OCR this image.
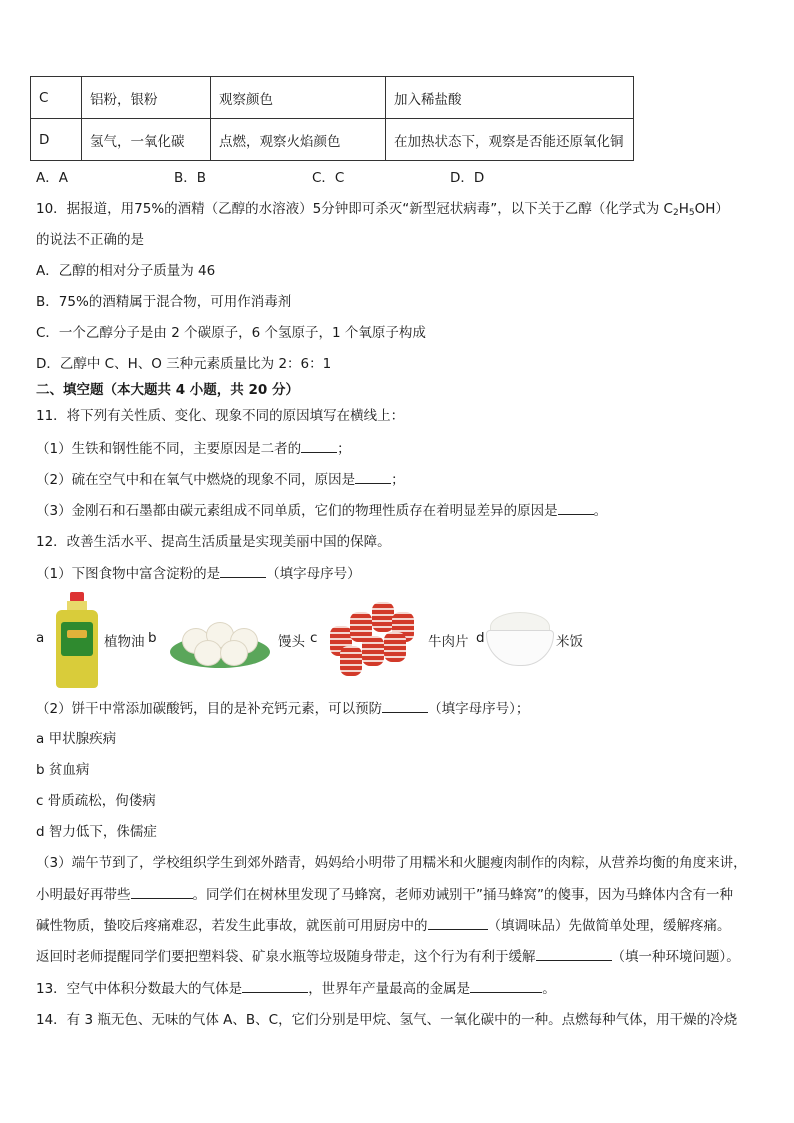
C	铝粉，银粉	观察颜色	加入稀盐酸
D	氢气，一氧化碳	点燃，观察火焰颜色	在加热状态下，观察是否能还原氧化铜
A．A	B．B	C．C	D．D
10．据报道，用75%的酒精（乙醇的水溶液）5分钟即可杀灭“新型冠状病毒”，以下关于乙醇（化学式为 $C_2H_5OH$）
的说法不正确的是
A．乙醇的相对分子质量为 46
B．75%的酒精属于混合物，可用作消毒剂
C．一个乙醇分子是由 2 个碳原子，6 个氢原子，1 个氧原子构成
D．乙醇中 C、H、O 三种元素质量比为 2：6：1
二、填空题（本大题共 4 小题，共 20 分）
11．将下列有关性质、变化、现象不同的原因填写在横线上：
（1）生铁和钢性能不同，主要原因是二者的	；
（2）硫在空气中和在氧气中燃烧的现象不同，原因是	；
（3）金刚石和石墨都由碳元素组成不同单质，它们的物理性质存在着明显差异的原因是	。
12．改善生活水平、提高生活质量是实现美丽中国的保障。
（1）下图食物中富含淀粉的是	（填字母序号）
a	植物油 b	馒头 c	牛肉片 d	米饭
（2）饼干中常添加碳酸钙，目的是补充钙元素，可以预防	（填字母序号）；
a 甲状腺疾病
b 贫血病
c 骨质疏松，佝偻病
d 智力低下，侏儒症
（3）端午节到了，学校组织学生到郊外踏青，妈妈给小明带了用糯米和火腿瘦肉制作的肉粽，从营养均衡的角度来讲，
小明最好再带些	。同学们在树林里发现了马蜂窝，老师劝诫别干”捅马蜂窝”的傻事，因为马蜂体内含有一种
碱性物质，蛰咬后疼痛难忍，若发生此事故，就医前可用厨房中的	（填调味品）先做简单处理，缓解疼痛。
返回时老师提醒同学们要把塑料袋、矿泉水瓶等垃圾随身带走，这个行为有利于缓解	（填一种环境问题）。
13．空气中体积分数最大的气体是	，世界年产量最高的金属是	。
14．有 3 瓶无色、无味的气体 A、B、C，它们分别是甲烷、氢气、一氧化碳中的一种。点燃每种气体，用干燥的冷烧
